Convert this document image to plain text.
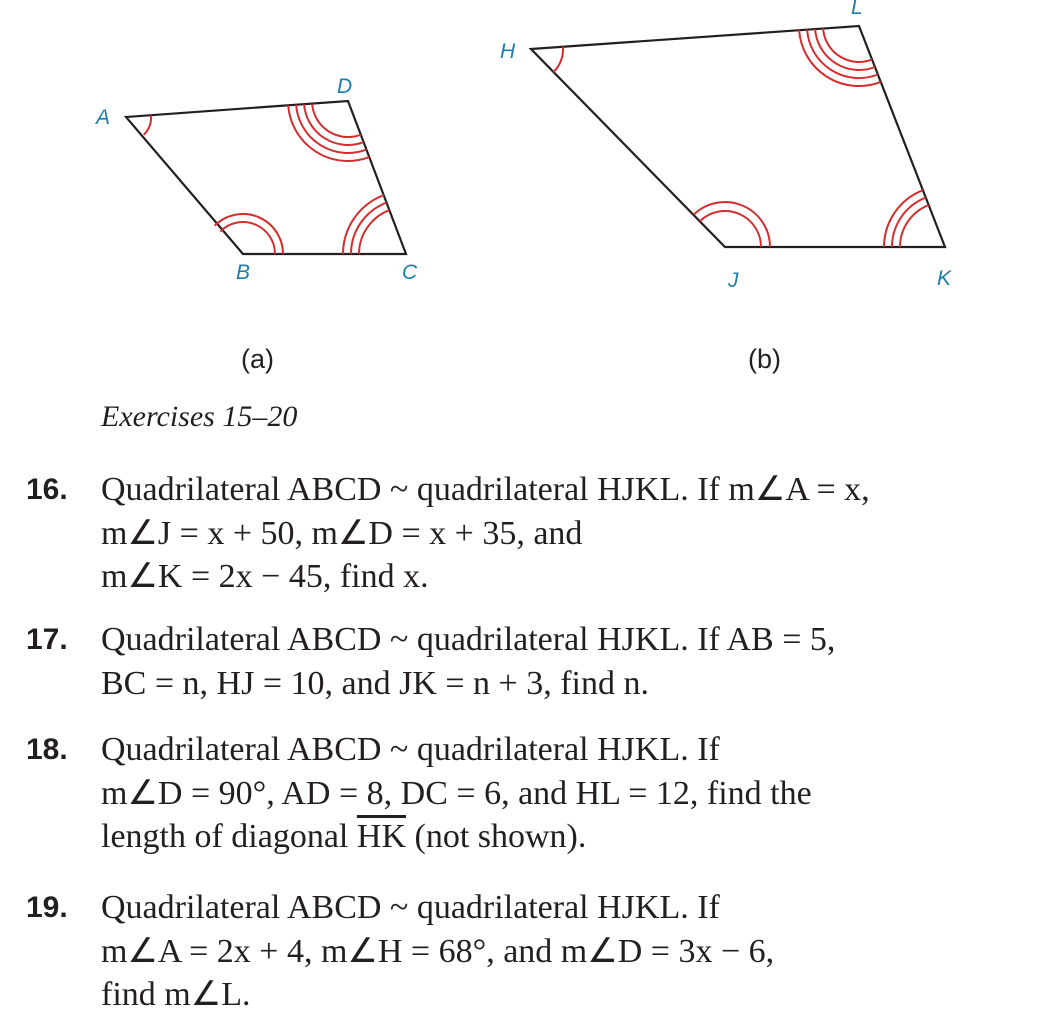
A
B	C
D
(a)
H
J	K
L
(b)
Exercises 15–20
16. Quadrilateral ABCD ~ quadrilateral HJKL. If m∠A = x,
m∠J = x + 50, m∠D = x + 35, and
m∠K = 2x − 45, find x.
17. Quadrilateral ABCD ~ quadrilateral HJKL. If AB = 5,
BC = n, HJ = 10, and JK = n + 3, find n.
18. Quadrilateral ABCD ~ quadrilateral HJKL. If
m∠D = 90°, AD = 8, DC = 6, and HL = 12, find the
length of diagonal $\overline{HK}$ (not shown).
19. Quadrilateral ABCD ~ quadrilateral HJKL. If
m∠A = 2x + 4, m∠H = 68°, and m∠D = 3x − 6,
find m∠L.
